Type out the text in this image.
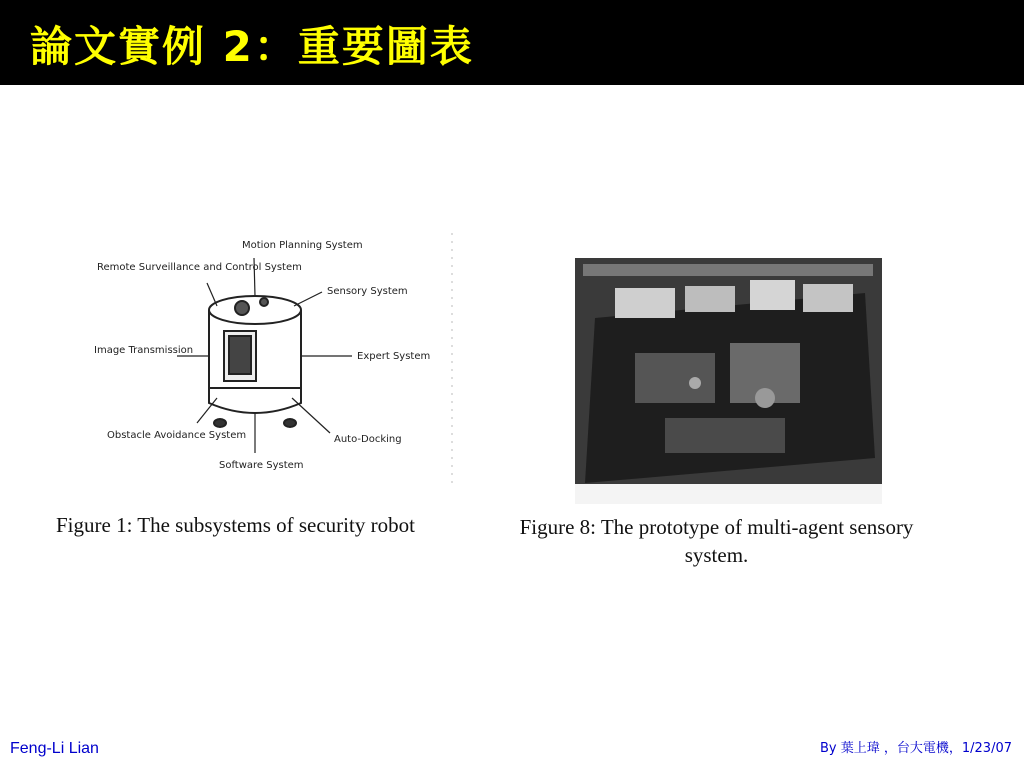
論文實例 2：重要圖表
Motion Planning System
Remote Surveillance and Control System
Sensory System
Image Transmission
Expert System
Obstacle Avoidance System	Auto-Docking
Software System
Figure 1: The subsystems of security robot	Figure 8: The prototype of multi-agent sensory system.
Feng-Li Lian	By 葉上瑋 ，台大電機，1/23/07
